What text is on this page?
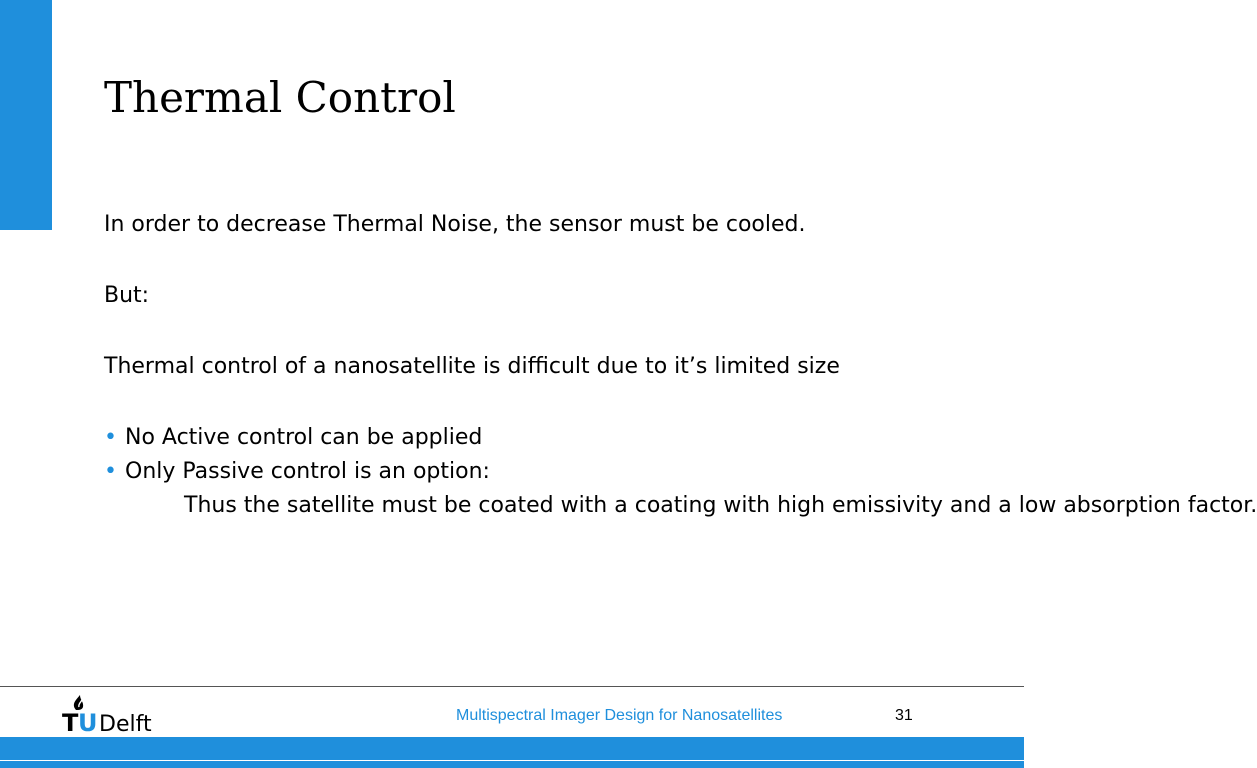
Thermal Control

In order to decrease Thermal Noise, the sensor must be cooled.

But:

Thermal control of a nanosatellite is difficult due to it’s limited size

• No Active control can be applied
• Only Passive control is an option:

Thus the satellite must be coated with a coating with high emissivity and a low absorption factor.

T U Delft	Multispectral Imager Design for Nanosatellites	31
